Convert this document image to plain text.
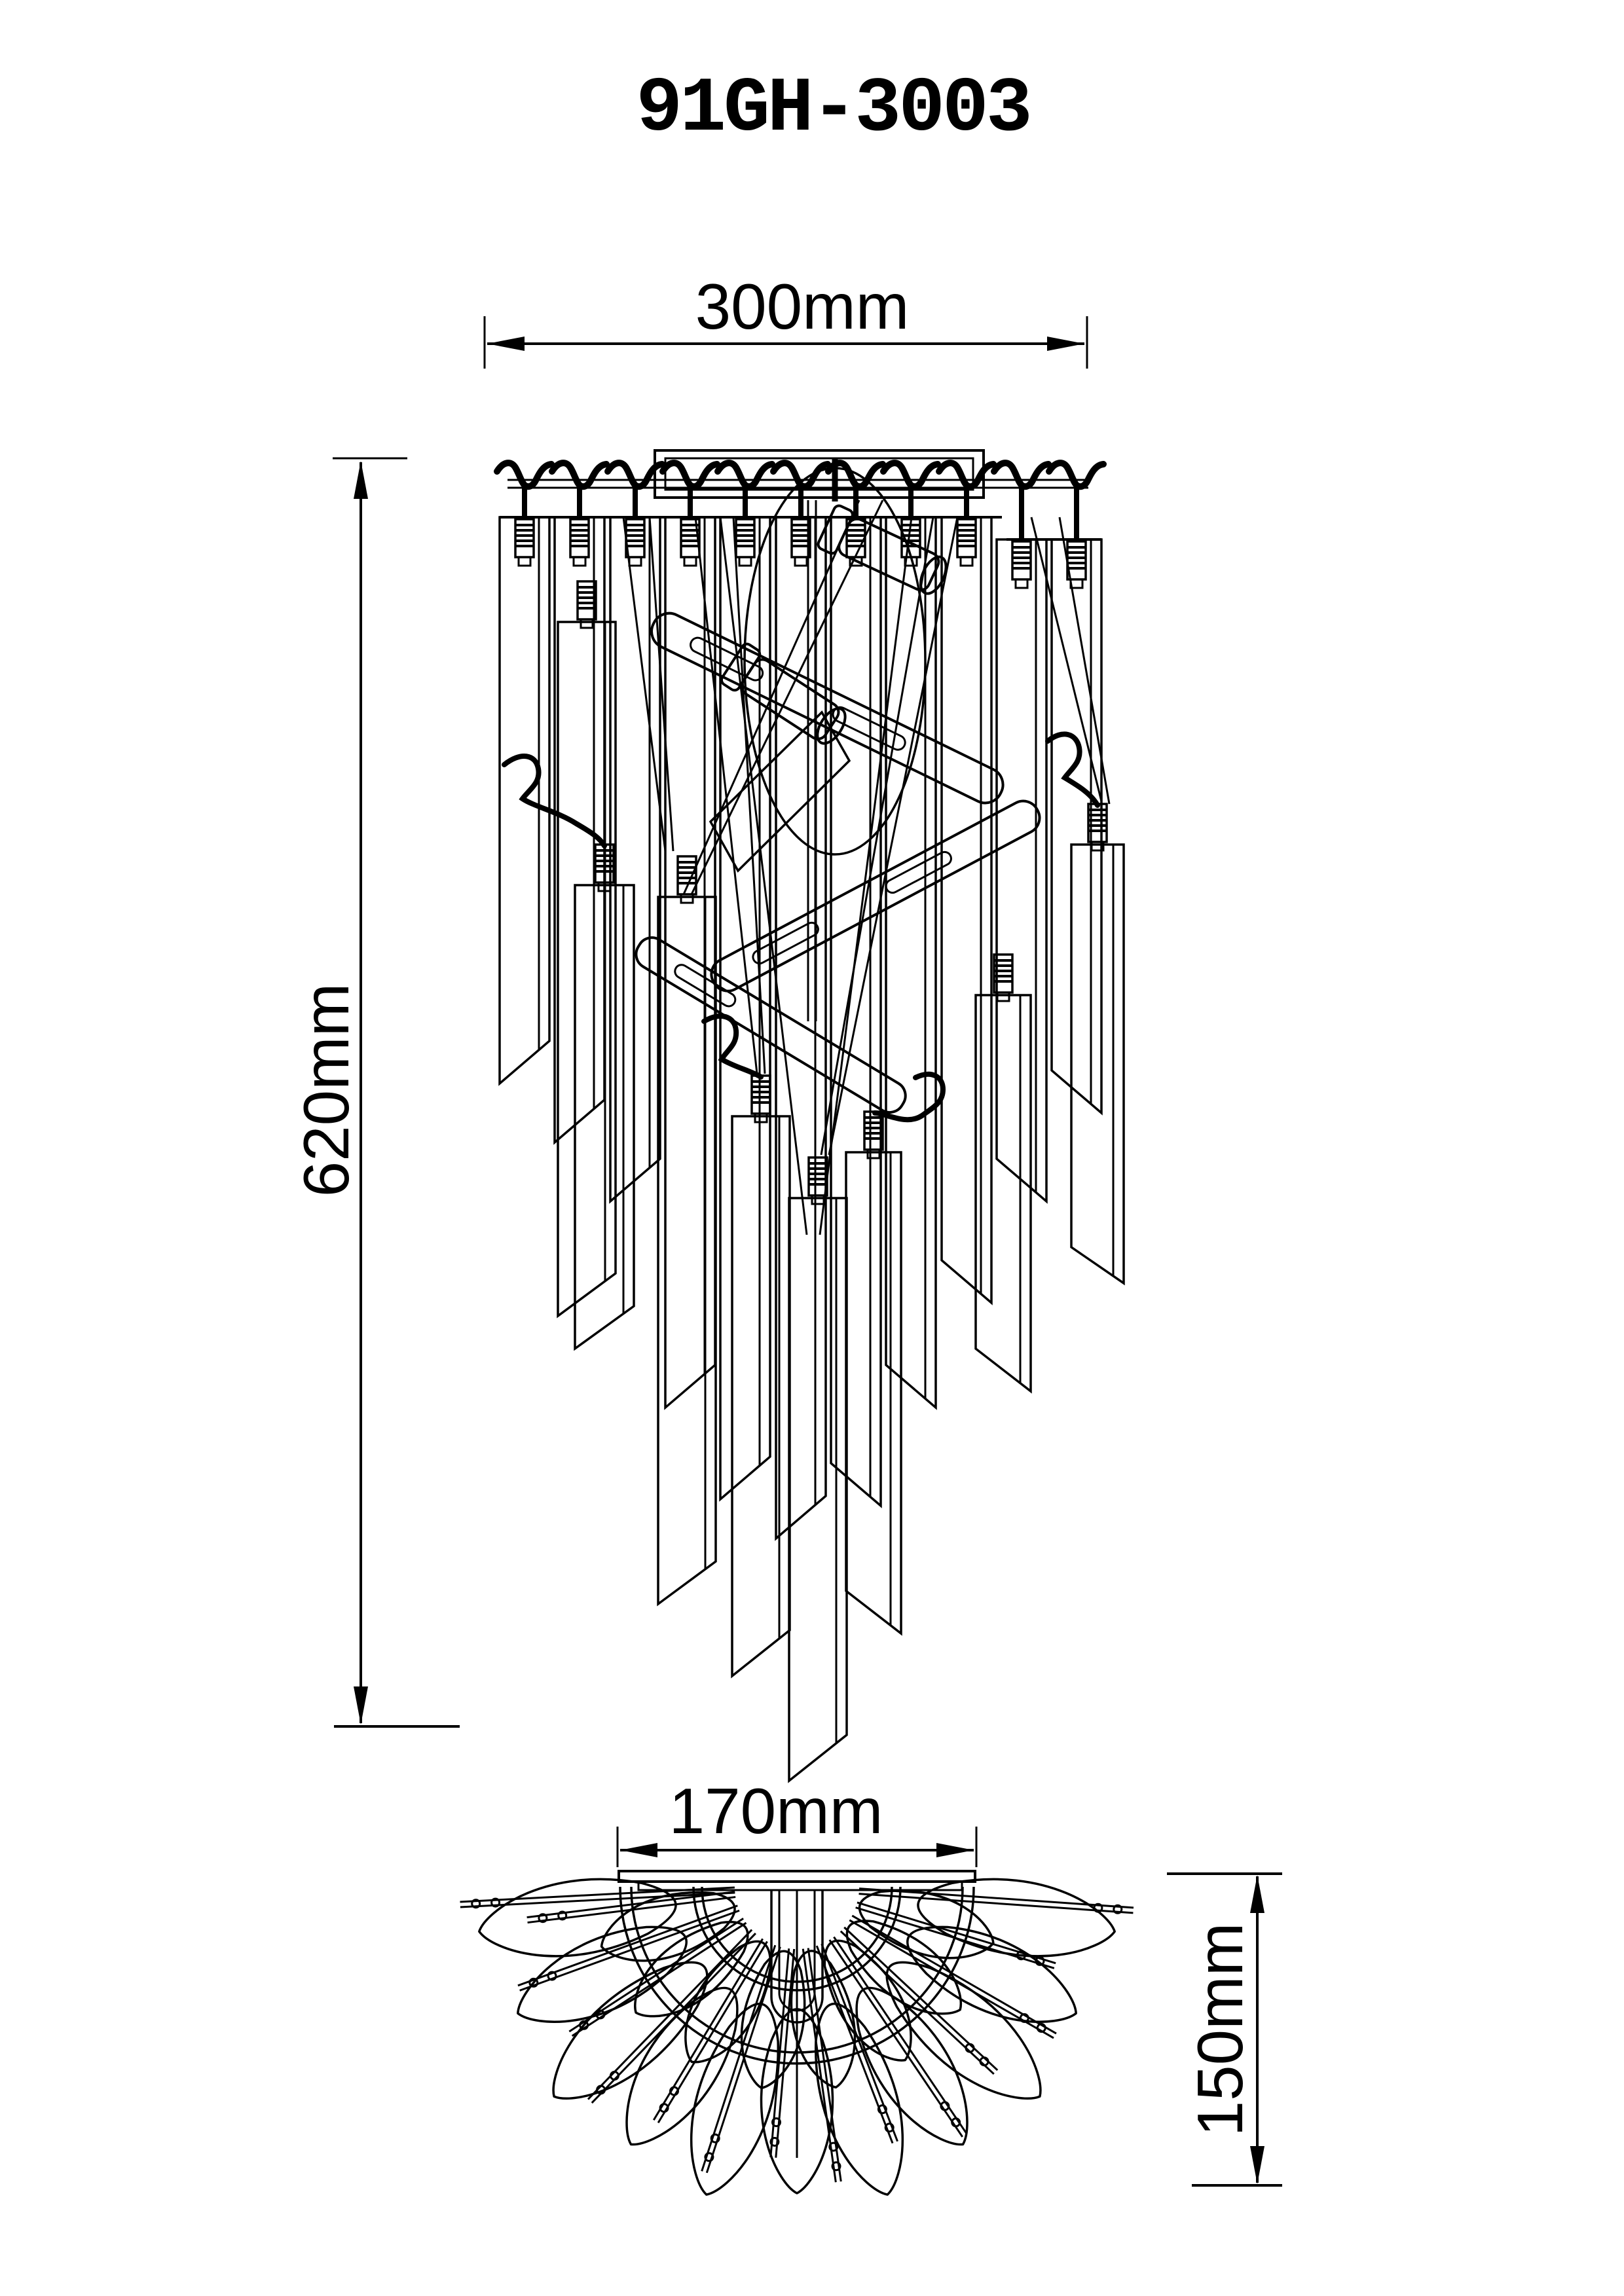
91GH-3003
300mm
620mm
170mm
150mm
